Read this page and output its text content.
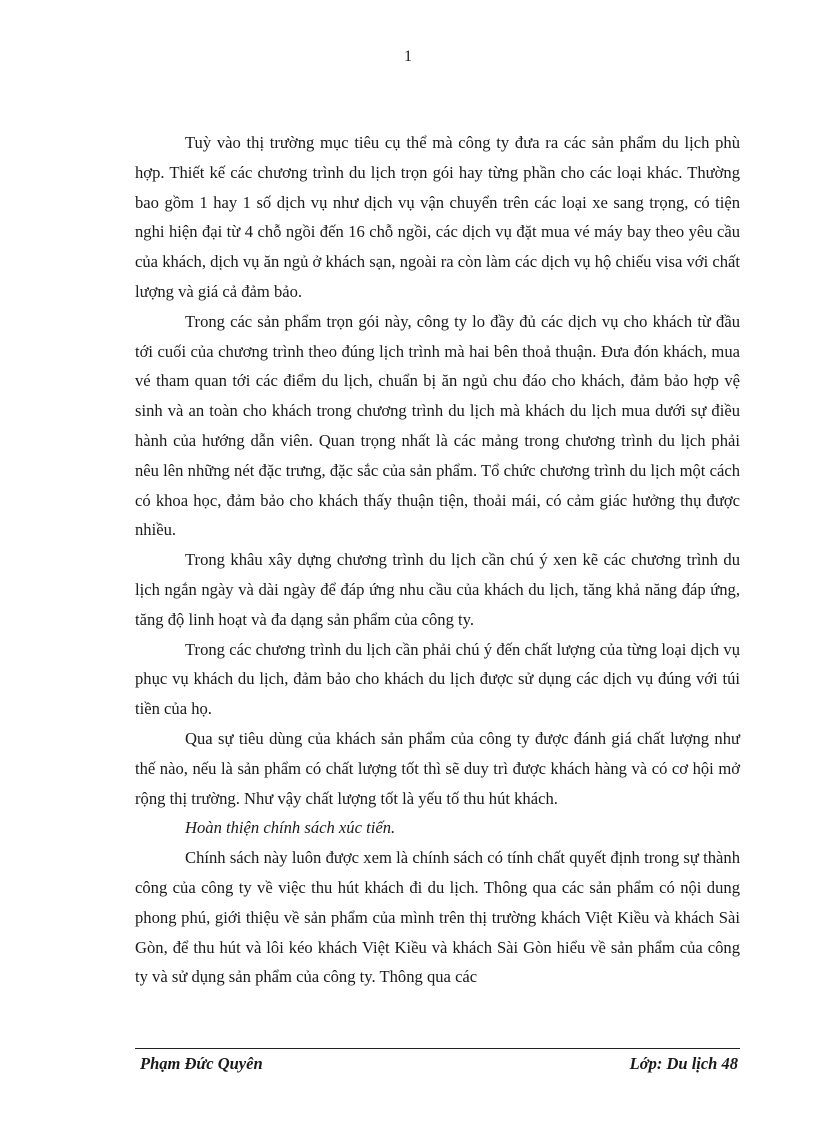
1

Tuỳ vào thị trường mục tiêu cụ thể mà công ty đưa ra các sản phẩm du lịch phù hợp. Thiết kế các chương trình du lịch trọn gói hay từng phần cho các loại khác. Thường bao gồm 1 hay 1 số dịch vụ như dịch vụ vận chuyển trên các loại xe sang trọng, có tiện nghi hiện đại từ 4 chỗ ngồi đến 16 chỗ ngồi, các dịch vụ đặt mua vé máy bay theo yêu cầu của khách, dịch vụ ăn ngủ ở khách sạn, ngoài ra còn làm các dịch vụ hộ chiếu visa với chất lượng và giá cả đảm bảo.

Trong các sản phẩm trọn gói này, công ty lo đầy đủ các dịch vụ cho khách từ đầu tới cuối của chương trình theo đúng lịch trình mà hai bên thoả thuận. Đưa đón khách, mua vé tham quan tới các điểm du lịch, chuẩn bị ăn ngủ chu đáo cho khách, đảm bảo hợp vệ sinh và an toàn cho khách trong chương trình du lịch mà khách du lịch mua dưới sự điều hành của hướng dẫn viên. Quan trọng nhất là các mảng trong chương trình du lịch phải nêu lên những nét đặc trưng, đặc sắc của sản phẩm. Tổ chức chương trình du lịch một cách có khoa học, đảm bảo cho khách thấy thuận tiện, thoải mái, có cảm giác hưởng thụ được nhiều.

Trong khâu xây dựng chương trình du lịch cần chú ý xen kẽ các chương trình du lịch ngắn ngày và dài ngày để đáp ứng nhu cầu của khách du lịch, tăng khả năng đáp ứng, tăng độ linh hoạt và đa dạng sản phẩm của công ty.

Trong các chương trình du lịch cần phải chú ý đến chất lượng của từng loại dịch vụ phục vụ khách du lịch, đảm bảo cho khách du lịch được sử dụng các dịch vụ đúng với túi tiền của họ.

Qua sự tiêu dùng của khách sản phẩm của công ty được đánh giá chất lượng như thế nào, nếu là sản phẩm có chất lượng tốt thì sẽ duy trì được khách hàng và có cơ hội mở rộng thị trường. Như vậy chất lượng tốt là yếu tố thu hút khách.

Hoàn thiện chính sách xúc tiến.

Chính sách này luôn được xem là chính sách có tính chất quyết định trong sự thành công của công ty về việc thu hút khách đi du lịch. Thông qua các sản phẩm có nội dung phong phú, giới thiệu về sản phẩm của mình trên thị trường khách Việt Kiều và khách Sài Gòn, để thu hút và lôi kéo khách Việt Kiều và khách Sài Gòn hiểu về sản phẩm của công ty và sử dụng sản phẩm của công ty. Thông qua các

Phạm Đức Quyên	Lớp: Du lịch 48
